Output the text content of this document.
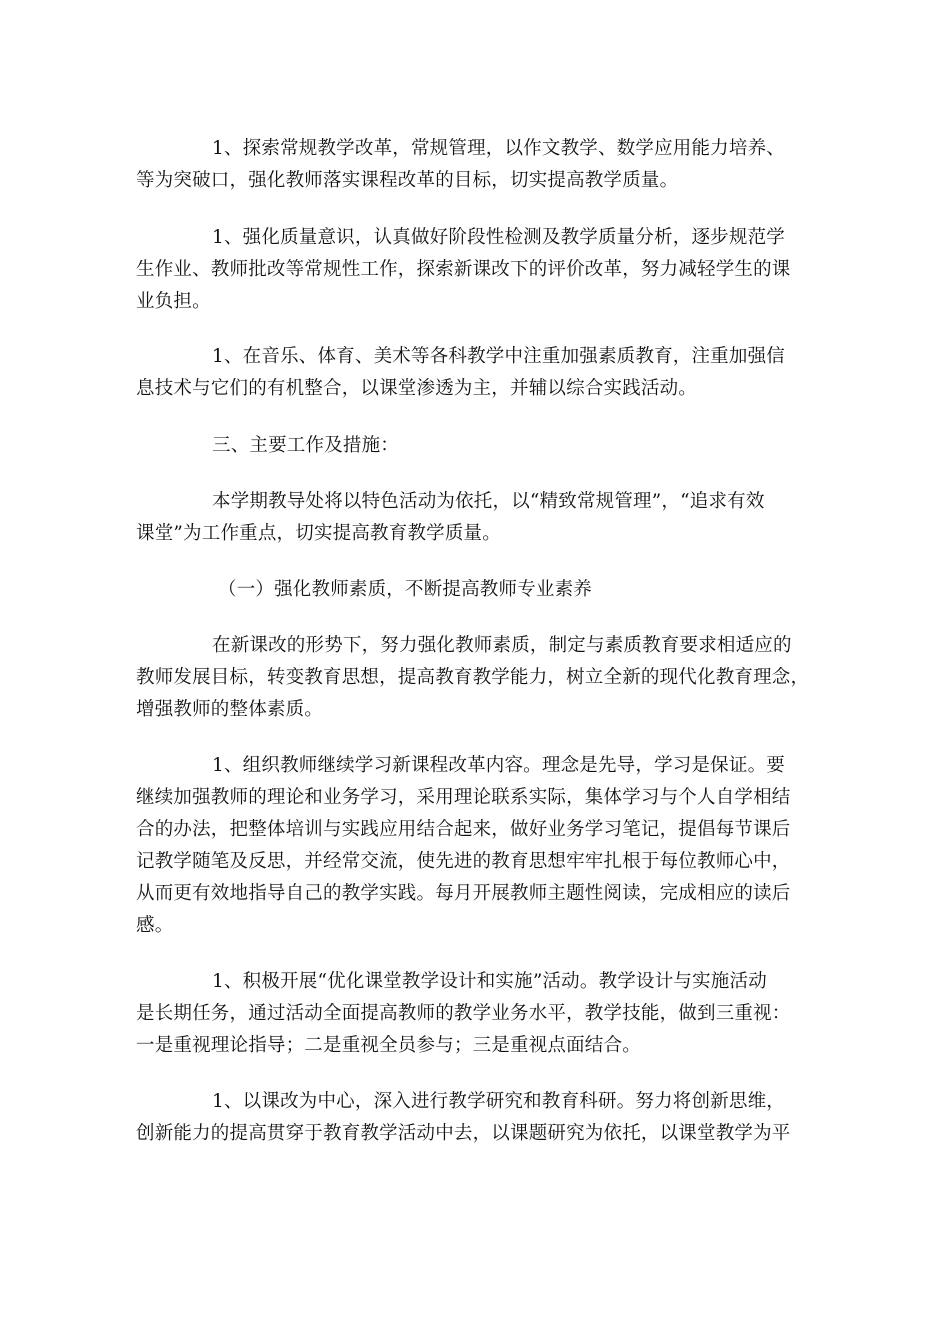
1、探索常规教学改革，常规管理，以作文教学、数学应用能力培养、

等为突破口，强化教师落实课程改革的目标，切实提高教学质量。

1、强化质量意识，认真做好阶段性检测及教学质量分析，逐步规范学

生作业、教师批改等常规性工作，探索新课改下的评价改革，努力减轻学生的课

业负担。

1、在音乐、体育、美术等各科教学中注重加强素质教育，注重加强信

息技术与它们的有机整合，以课堂渗透为主，并辅以综合实践活动。

三、主要工作及措施：

本学期教导处将以特色活动为依托，以“精致常规管理”，“追求有效

课堂”为工作重点，切实提高教育教学质量。

（一）强化教师素质，不断提高教师专业素养

在新课改的形势下，努力强化教师素质，制定与素质教育要求相适应的

教师发展目标，转变教育思想，提高教育教学能力，树立全新的现代化教育理念，

增强教师的整体素质。

1、组织教师继续学习新课程改革内容。理念是先导，学习是保证。要

继续加强教师的理论和业务学习，采用理论联系实际，集体学习与个人自学相结

合的办法，把整体培训与实践应用结合起来，做好业务学习笔记，提倡每节课后

记教学随笔及反思，并经常交流，使先进的教育思想牢牢扎根于每位教师心中，

从而更有效地指导自己的教学实践。每月开展教师主题性阅读，完成相应的读后

感。

1、积极开展“优化课堂教学设计和实施”活动。教学设计与实施活动

是长期任务，通过活动全面提高教师的教学业务水平，教学技能，做到三重视：

一是重视理论指导；二是重视全员参与；三是重视点面结合。

1、以课改为中心，深入进行教学研究和教育科研。努力将创新思维，

创新能力的提高贯穿于教育教学活动中去，以课题研究为依托，以课堂教学为平
